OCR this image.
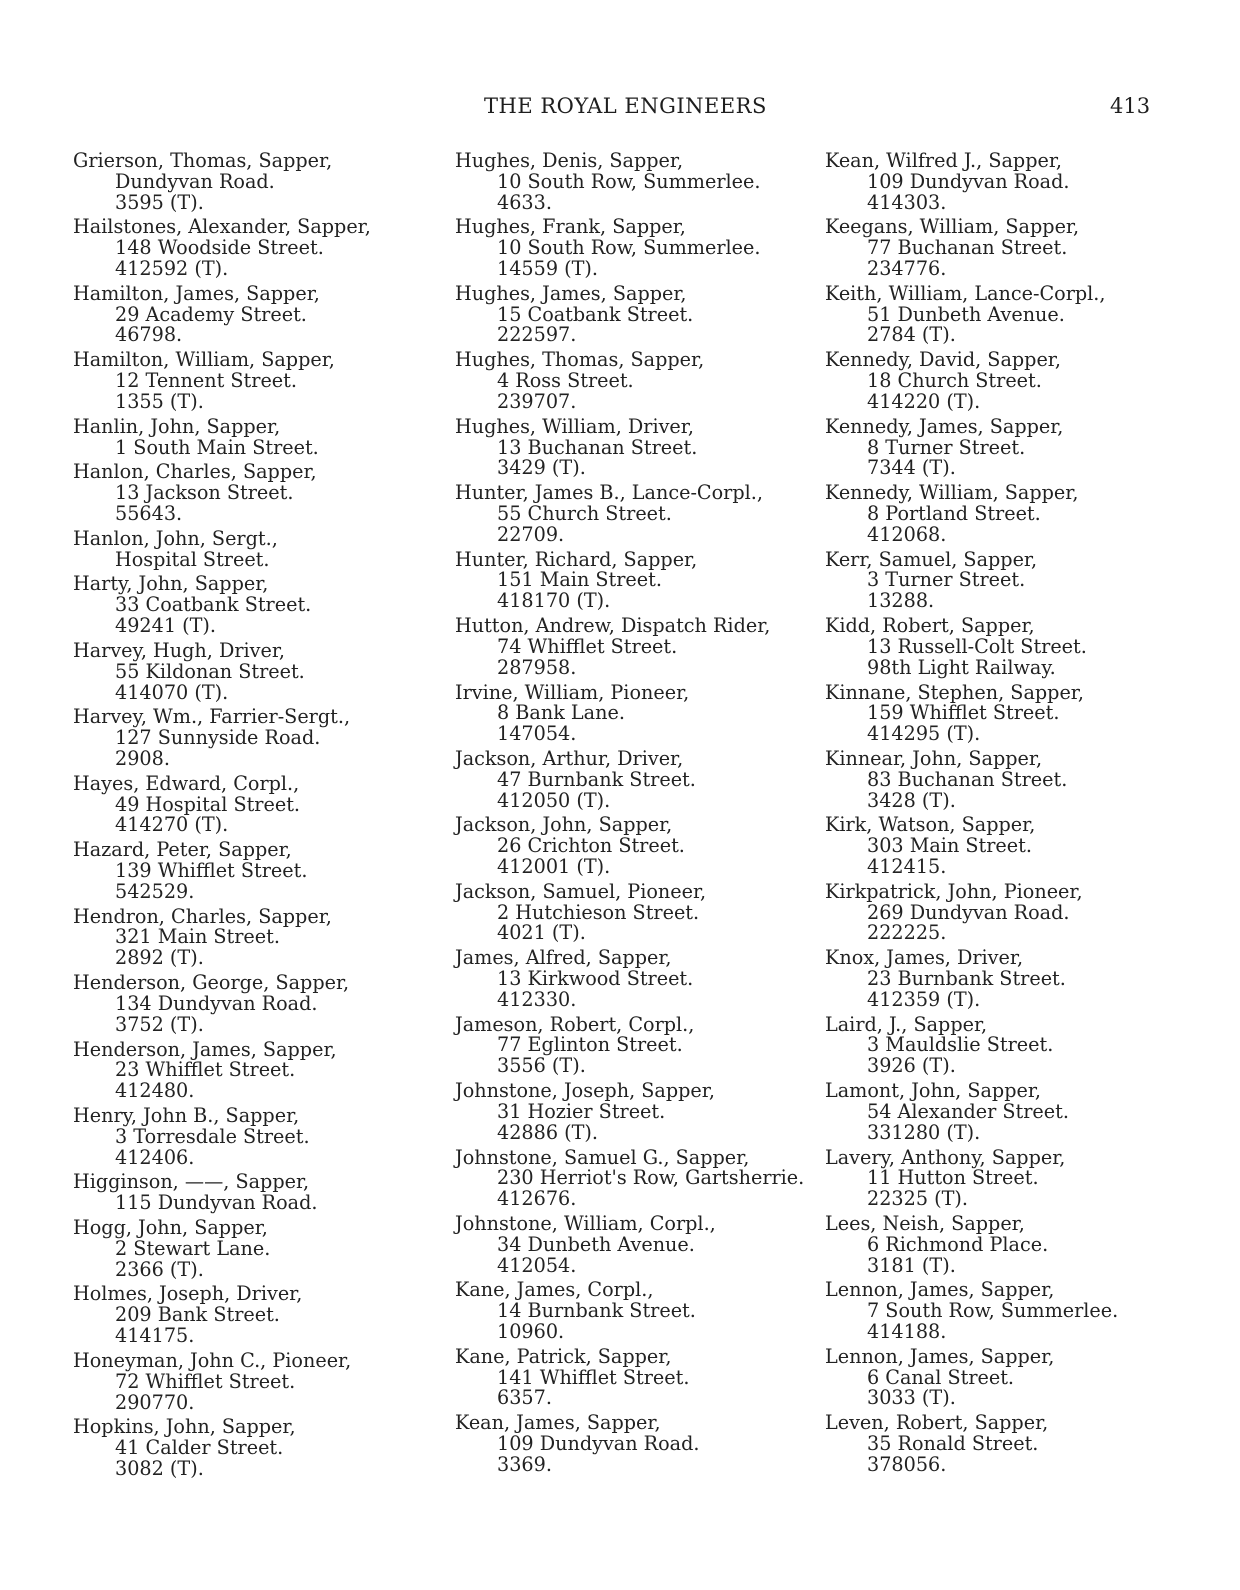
THE ROYAL ENGINEERS	413
Grierson, Thomas, Sapper,
Dundyvan Road.
3595 (T).
Hailstones, Alexander, Sapper,
148 Woodside Street.
412592 (T).
Hamilton, James, Sapper,
29 Academy Street.
46798.
Hamilton, William, Sapper,
12 Tennent Street.
1355 (T).
Hanlin, John, Sapper,
1 South Main Street.
Hanlon, Charles, Sapper,
13 Jackson Street.
55643.
Hanlon, John, Sergt.,
Hospital Street.
Harty, John, Sapper,
33 Coatbank Street.
49241 (T).
Harvey, Hugh, Driver,
55 Kildonan Street.
414070 (T).
Harvey, Wm., Farrier-Sergt.,
127 Sunnyside Road.
2908.
Hayes, Edward, Corpl.,
49 Hospital Street.
414270 (T).
Hazard, Peter, Sapper,
139 Whifflet Street.
542529.
Hendron, Charles, Sapper,
321 Main Street.
2892 (T).
Henderson, George, Sapper,
134 Dundyvan Road.
3752 (T).
Henderson, James, Sapper,
23 Whifflet Street.
412480.
Henry, John B., Sapper,
3 Torresdale Street.
412406.
Higginson, ——, Sapper,
115 Dundyvan Road.
Hogg, John, Sapper,
2 Stewart Lane.
2366 (T).
Holmes, Joseph, Driver,
209 Bank Street.
414175.
Honeyman, John C., Pioneer,
72 Whifflet Street.
290770.
Hopkins, John, Sapper,
41 Calder Street.
3082 (T).
Hughes, Denis, Sapper,
10 South Row, Summerlee.
4633.
Hughes, Frank, Sapper,
10 South Row, Summerlee.
14559 (T).
Hughes, James, Sapper,
15 Coatbank Street.
222597.
Hughes, Thomas, Sapper,
4 Ross Street.
239707.
Hughes, William, Driver,
13 Buchanan Street.
3429 (T).
Hunter, James B., Lance-Corpl.,
55 Church Street.
22709.
Hunter, Richard, Sapper,
151 Main Street.
418170 (T).
Hutton, Andrew, Dispatch Rider,
74 Whifflet Street.
287958.
Irvine, William, Pioneer,
8 Bank Lane.
147054.
Jackson, Arthur, Driver,
47 Burnbank Street.
412050 (T).
Jackson, John, Sapper,
26 Crichton Street.
412001 (T).
Jackson, Samuel, Pioneer,
2 Hutchieson Street.
4021 (T).
James, Alfred, Sapper,
13 Kirkwood Street.
412330.
Jameson, Robert, Corpl.,
77 Eglinton Street.
3556 (T).
Johnstone, Joseph, Sapper,
31 Hozier Street.
42886 (T).
Johnstone, Samuel G., Sapper,
230 Herriot's Row, Gartsherrie.
412676.
Johnstone, William, Corpl.,
34 Dunbeth Avenue.
412054.
Kane, James, Corpl.,
14 Burnbank Street.
10960.
Kane, Patrick, Sapper,
141 Whifflet Street.
6357.
Kean, James, Sapper,
109 Dundyvan Road.
3369.
Kean, Wilfred J., Sapper,
109 Dundyvan Road.
414303.
Keegans, William, Sapper,
77 Buchanan Street.
234776.
Keith, William, Lance-Corpl.,
51 Dunbeth Avenue.
2784 (T).
Kennedy, David, Sapper,
18 Church Street.
414220 (T).
Kennedy, James, Sapper,
8 Turner Street.
7344 (T).
Kennedy, William, Sapper,
8 Portland Street.
412068.
Kerr, Samuel, Sapper,
3 Turner Street.
13288.
Kidd, Robert, Sapper,
13 Russell-Colt Street.
98th Light Railway.
Kinnane, Stephen, Sapper,
159 Whifflet Street.
414295 (T).
Kinnear, John, Sapper,
83 Buchanan Street.
3428 (T).
Kirk, Watson, Sapper,
303 Main Street.
412415.
Kirkpatrick, John, Pioneer,
269 Dundyvan Road.
222225.
Knox, James, Driver,
23 Burnbank Street.
412359 (T).
Laird, J., Sapper,
3 Mauldslie Street.
3926 (T).
Lamont, John, Sapper,
54 Alexander Street.
331280 (T).
Lavery, Anthony, Sapper,
11 Hutton Street.
22325 (T).
Lees, Neish, Sapper,
6 Richmond Place.
3181 (T).
Lennon, James, Sapper,
7 South Row, Summerlee.
414188.
Lennon, James, Sapper,
6 Canal Street.
3033 (T).
Leven, Robert, Sapper,
35 Ronald Street.
378056.
